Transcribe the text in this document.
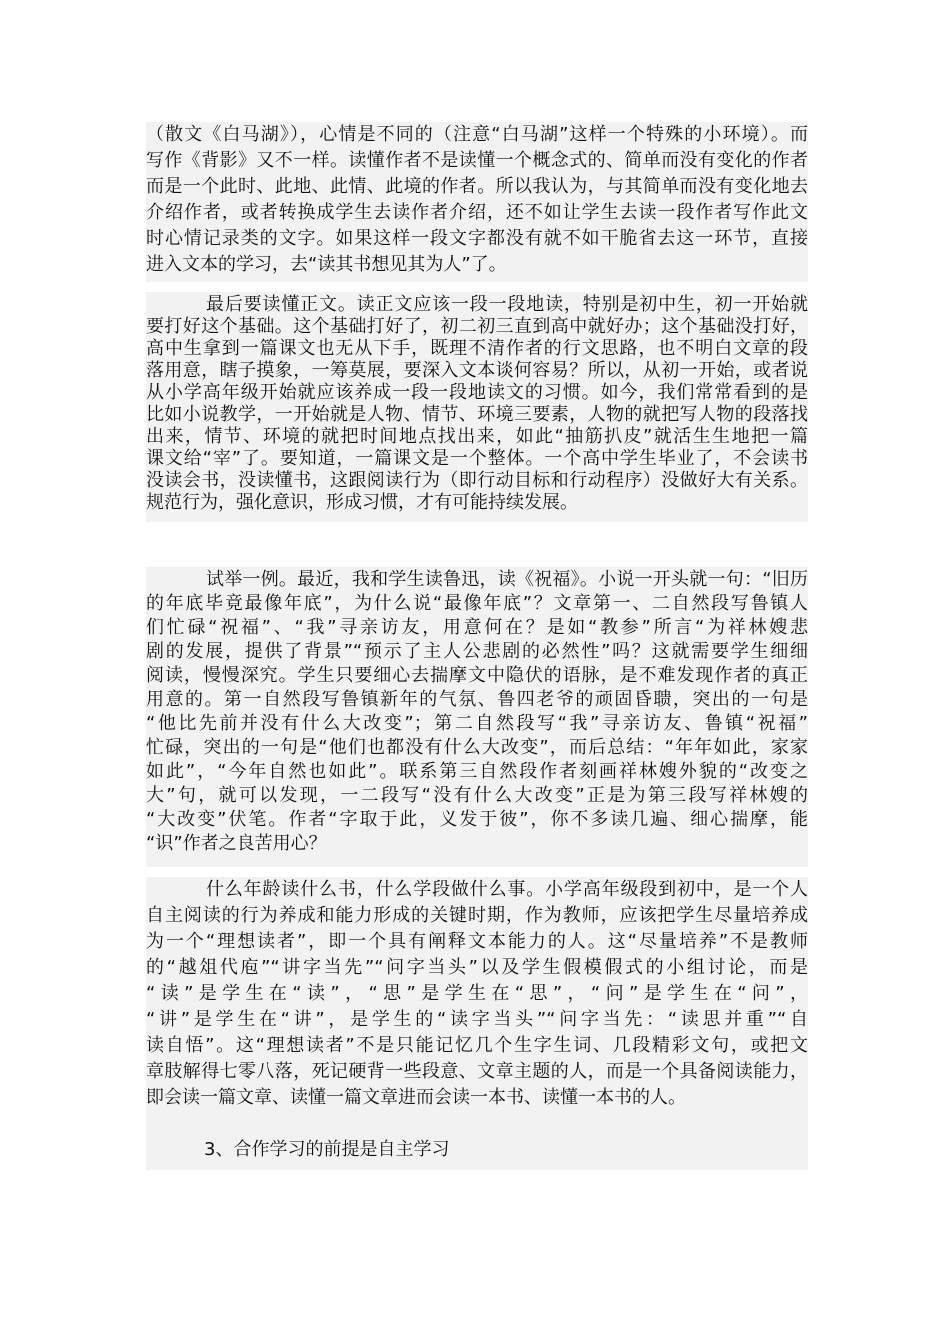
（散文《白马湖》），心情是不同的（注意“白马湖”这样一个特殊的小环境）。而
写作《背影》又不一样。读懂作者不是读懂一个概念式的、简单而没有变化的作者
而是一个此时、此地、此情、此境的作者。所以我认为，与其简单而没有变化地去
介绍作者，或者转换成学生去读作者介绍，还不如让学生去读一段作者写作此文
时心情记录类的文字。如果这样一段文字都没有就不如干脆省去这一环节，直接
进入文本的学习，去“读其书想见其为人”了。
最后要读懂正文。读正文应该一段一段地读，特别是初中生，初一开始就
要打好这个基础。这个基础打好了，初二初三直到高中就好办；这个基础没打好，
高中生拿到一篇课文也无从下手，既理不清作者的行文思路，也不明白文章的段
落用意，瞎子摸象，一筹莫展，要深入文本谈何容易？所以，从初一开始，或者说
从小学高年级开始就应该养成一段一段地读文的习惯。如今，我们常常看到的是
比如小说教学，一开始就是人物、情节、环境三要素，人物的就把写人物的段落找
出来，情节、环境的就把时间地点找出来，如此“抽筋扒皮”就活生生地把一篇
课文给“宰”了。要知道，一篇课文是一个整体。一个高中学生毕业了，不会读书
没读会书，没读懂书，这跟阅读行为（即行动目标和行动程序）没做好大有关系。
规范行为，强化意识，形成习惯，才有可能持续发展。
试举一例。最近，我和学生读鲁迅，读《祝福》。小说一开头就一句：“旧历
的年底毕竟最像年底”，为什么说“最像年底”？文章第一、二自然段写鲁镇人
们忙碌“祝福”、“我”寻亲访友，用意何在？是如“教参”所言“为祥林嫂悲
剧的发展，提供了背景”“预示了主人公悲剧的必然性”吗？这就需要学生细细
阅读，慢慢深究。学生只要细心去揣摩文中隐伏的语脉，是不难发现作者的真正
用意的。第一自然段写鲁镇新年的气氛、鲁四老爷的顽固昏聩，突出的一句是
“他比先前并没有什么大改变”；第二自然段写“我”寻亲访友、鲁镇“祝福”
忙碌，突出的一句是“他们也都没有什么大改变”，而后总结：“年年如此，家家
如此”，“今年自然也如此”。联系第三自然段作者刻画祥林嫂外貌的“改变之
大”句，就可以发现，一二段写“没有什么大改变”正是为第三段写祥林嫂的
“大改变”伏笔。作者“字取于此，义发于彼”，你不多读几遍、细心揣摩，能
“识”作者之良苦用心？
什么年龄读什么书，什么学段做什么事。小学高年级段到初中，是一个人
自主阅读的行为养成和能力形成的关键时期，作为教师，应该把学生尽量培养成
为一个“理想读者”，即一个具有阐释文本能力的人。这“尽量培养”不是教师
的“越俎代庖”“讲字当先”“问字当头”以及学生假模假式的小组讨论，而是
“读”是学生在“读”，“思”是学生在“思”，“问”是学生在“问”，
“讲”是学生在“讲”，是学生的“读字当头”“问字当先：“读思并重”“自
读自悟”。这“理想读者”不是只能记忆几个生字生词、几段精彩文句，或把文
章肢解得七零八落，死记硬背一些段意、文章主题的人，而是一个具备阅读能力，
即会读一篇文章、读懂一篇文章进而会读一本书、读懂一本书的人。
3、合作学习的前提是自主学习
